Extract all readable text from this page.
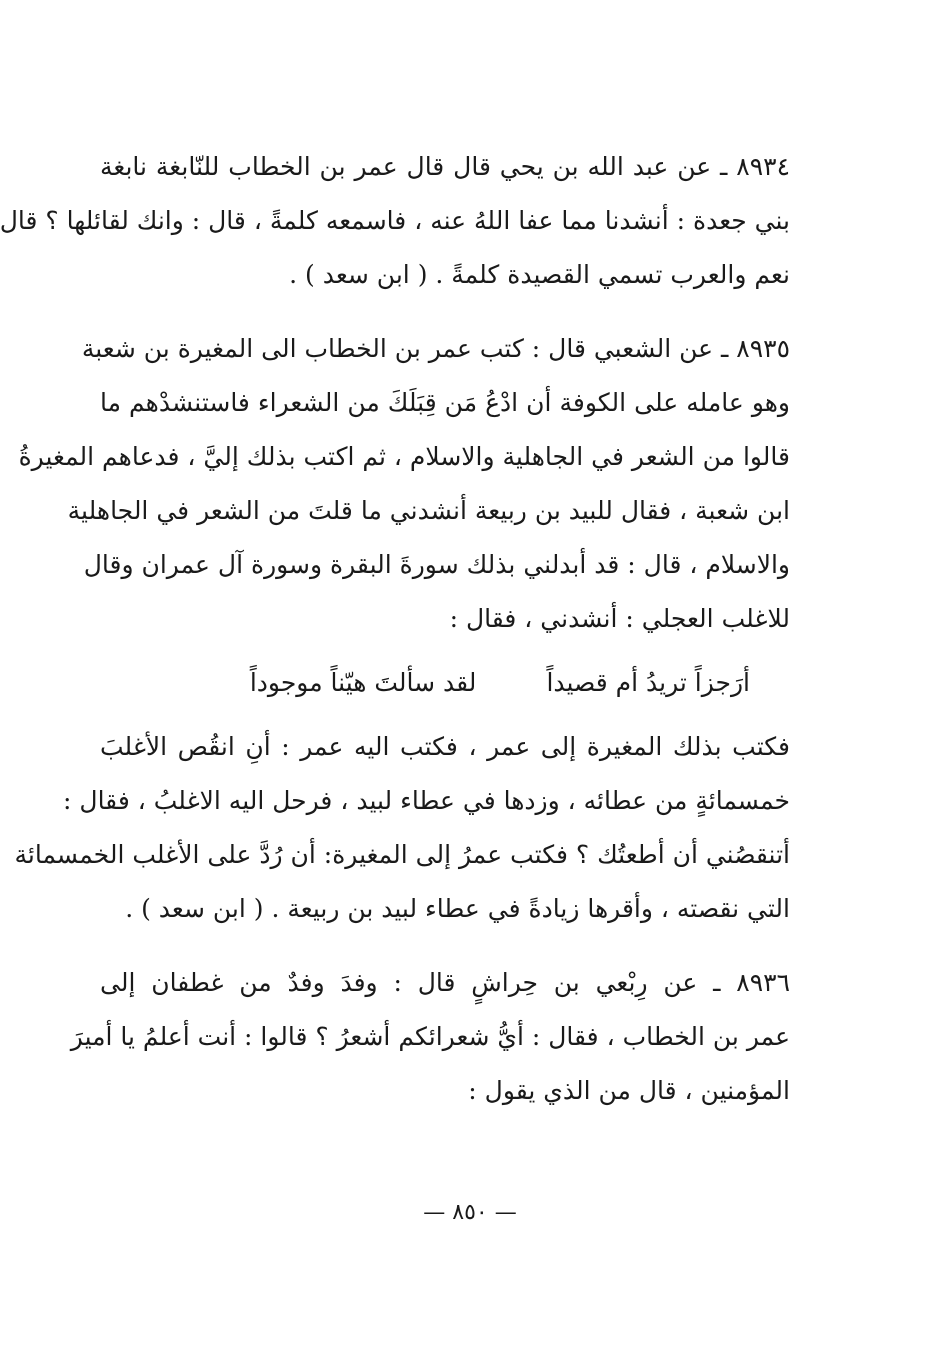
٨٩٣٤ ـ عن عبد الله بن يحي قال قال عمر بن الخطاب للنّابغة نابغة
بني جعدة : أنشدنا مما عفا اللهُ عنه ، فاسمعه كلمةً ، قال : وانك لقائلها ؟ قال
نعم والعرب تسمي القصيدة كلمةً . ( ابن سعد ) .
٨٩٣٥ ـ عن الشعبي قال : كتب عمر بن الخطاب الى المغيرة بن شعبة
وهو عامله على الكوفة أن ادْعُ مَن قِبَلَكَ من الشعراء فاستنشدْهم ما
قالوا من الشعر في الجاهلية والاسلام ، ثم اكتب بذلك إليَّ ، فدعاهم المغيرةُ
ابن شعبة ، فقال للبيد بن ربيعة أنشدني ما قلتَ من الشعر في الجاهلية
والاسلام ، قال : قد أبدلني بذلك سورةَ البقرة وسورة آل عمران وقال
للاغلب العجلي : أنشدني ، فقال :
أرَجزاً تريدُ أم قصيداً
لقد سألتَ هيّناً موجوداً
فكتب بذلك المغيرة إلى عمر ، فكتب اليه عمر : أنِ انقُص الأغلبَ
خمسمائةٍ من عطائه ، وزدها في عطاء لبيد ، فرحل اليه الاغلبُ ، فقال :
أتنقصُني أن أطعتُك ؟ فكتب عمرُ إلى المغيرة: أن رُدَّ على الأغلب الخمسمائة
التي نقصته ، وأقرها زيادةً في عطاء لبيد بن ربيعة . ( ابن سعد ) .
٨٩٣٦ ـ عن رِبْعي بن حِراشٍ قال : وفدَ وفدٌ من غطفان إلى
عمر بن الخطاب ، فقال : أيُّ شعرائكم أشعرُ ؟ قالوا : أنت أعلمُ يا أميرَ
المؤمنين ، قال من الذي يقول :
— ٨٥٠ —
